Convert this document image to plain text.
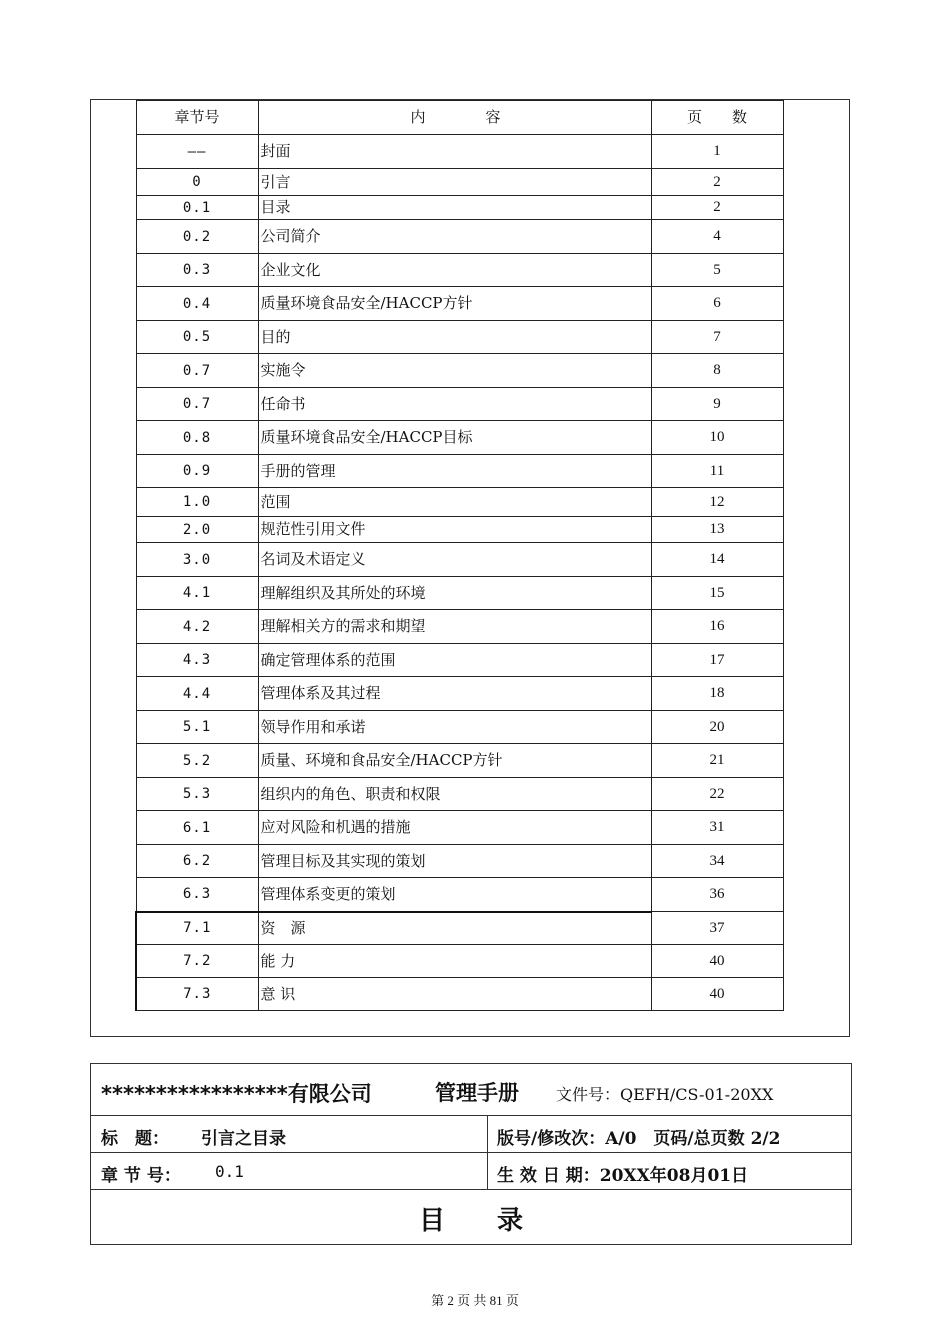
章节号	内　　　　容	页　　数
——	封面	1
0	引言	2
0.1	目录	2
0.2	公司简介	4
0.3	企业文化	5
0.4	质量环境食品安全/HACCP方针	6
0.5	目的	7
0.7	实施令	8
0.7	任命书	9
0.8	质量环境食品安全/HACCP目标	10
0.9	手册的管理	11
1.0	范围	12
2.0	规范性引用文件	13
3.0	名词及术语定义	14
4.1	理解组织及其所处的环境	15
4.2	理解相关方的需求和期望	16
4.3	确定管理体系的范围	17
4.4	管理体系及其过程	18
5.1	领导作用和承诺	20
5.2	质量、环境和食品安全/HACCP方针	21
5.3	组织内的角色、职责和权限	22
6.1	应对风险和机遇的措施	31
6.2	管理目标及其实现的策划	34
6.3	管理体系变更的策划	36
7.1	资　源	37
7.2	能 力	40
7.3	意 识	40
*****************有限公司	管理手册 文件号：QEFH/CS-01-20XX
标　题： 引言之目录	版号/修改次：A/0　页码/总页数 2/2
章 节 号： 0.1	生 效 日 期：20XX年08月01日
目　　录
第 2 页 共 81 页
